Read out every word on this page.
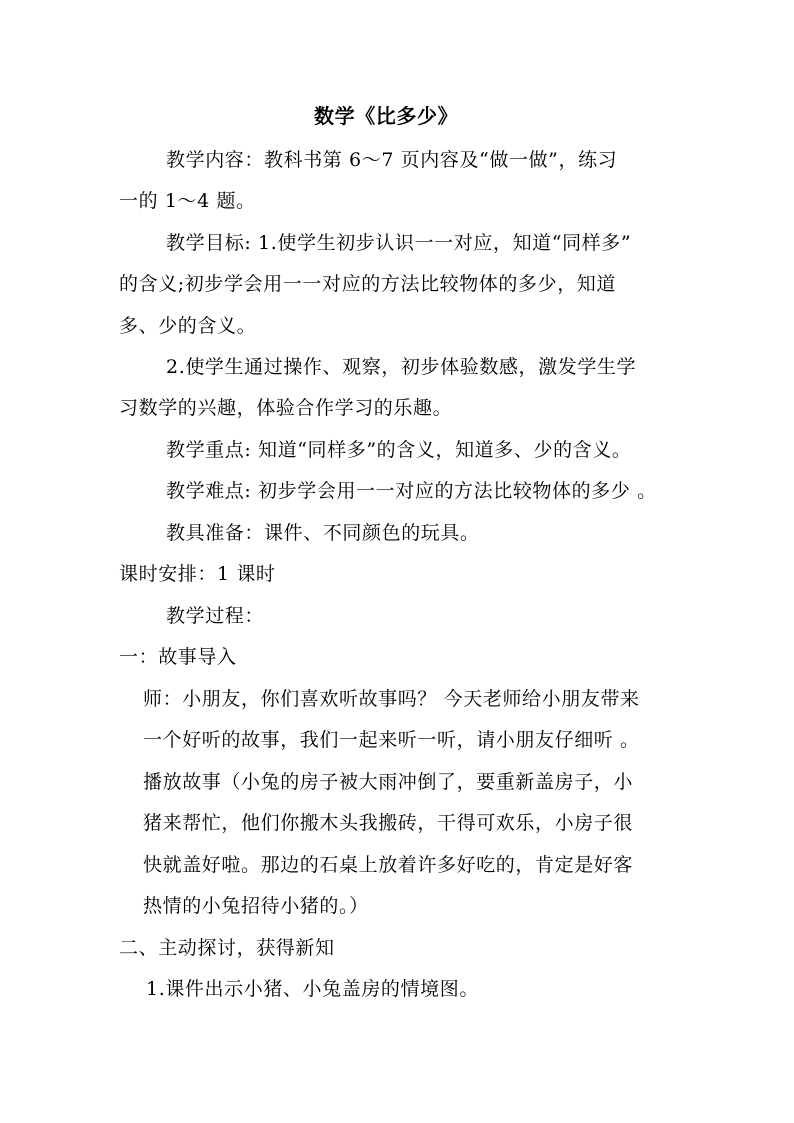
数学《比多少》
教学内容：教科书第 6～7 页内容及“做一做”，练习
一的 1～4 题。
教学目标: 1.使学生初步认识一一对应，知道“同样多”
的含义;初步学会用一一对应的方法比较物体的多少，知道
多、少的含义。
2.使学生通过操作、观察，初步体验数感，激发学生学
习数学的兴趣，体验合作学习的乐趣。
教学重点: 知道“同样多”的含义，知道多、少的含义。
教学难点: 初步学会用一一对应的方法比较物体的多少 。
教具准备：课件、不同颜色的玩具。
课时安排：1 课时
教学过程：
一：故事导入
师：小朋友，你们喜欢听故事吗？ 今天老师给小朋友带来
一个好听的故事，我们一起来听一听，请小朋友仔细听 。
播放故事（小兔的房子被大雨冲倒了，要重新盖房子，小
猪来帮忙，他们你搬木头我搬砖，干得可欢乐，小房子很
快就盖好啦。那边的石桌上放着许多好吃的，肯定是好客
热情的小兔招待小猪的。）
二、主动探讨，获得新知
1.课件出示小猪、小兔盖房的情境图。
